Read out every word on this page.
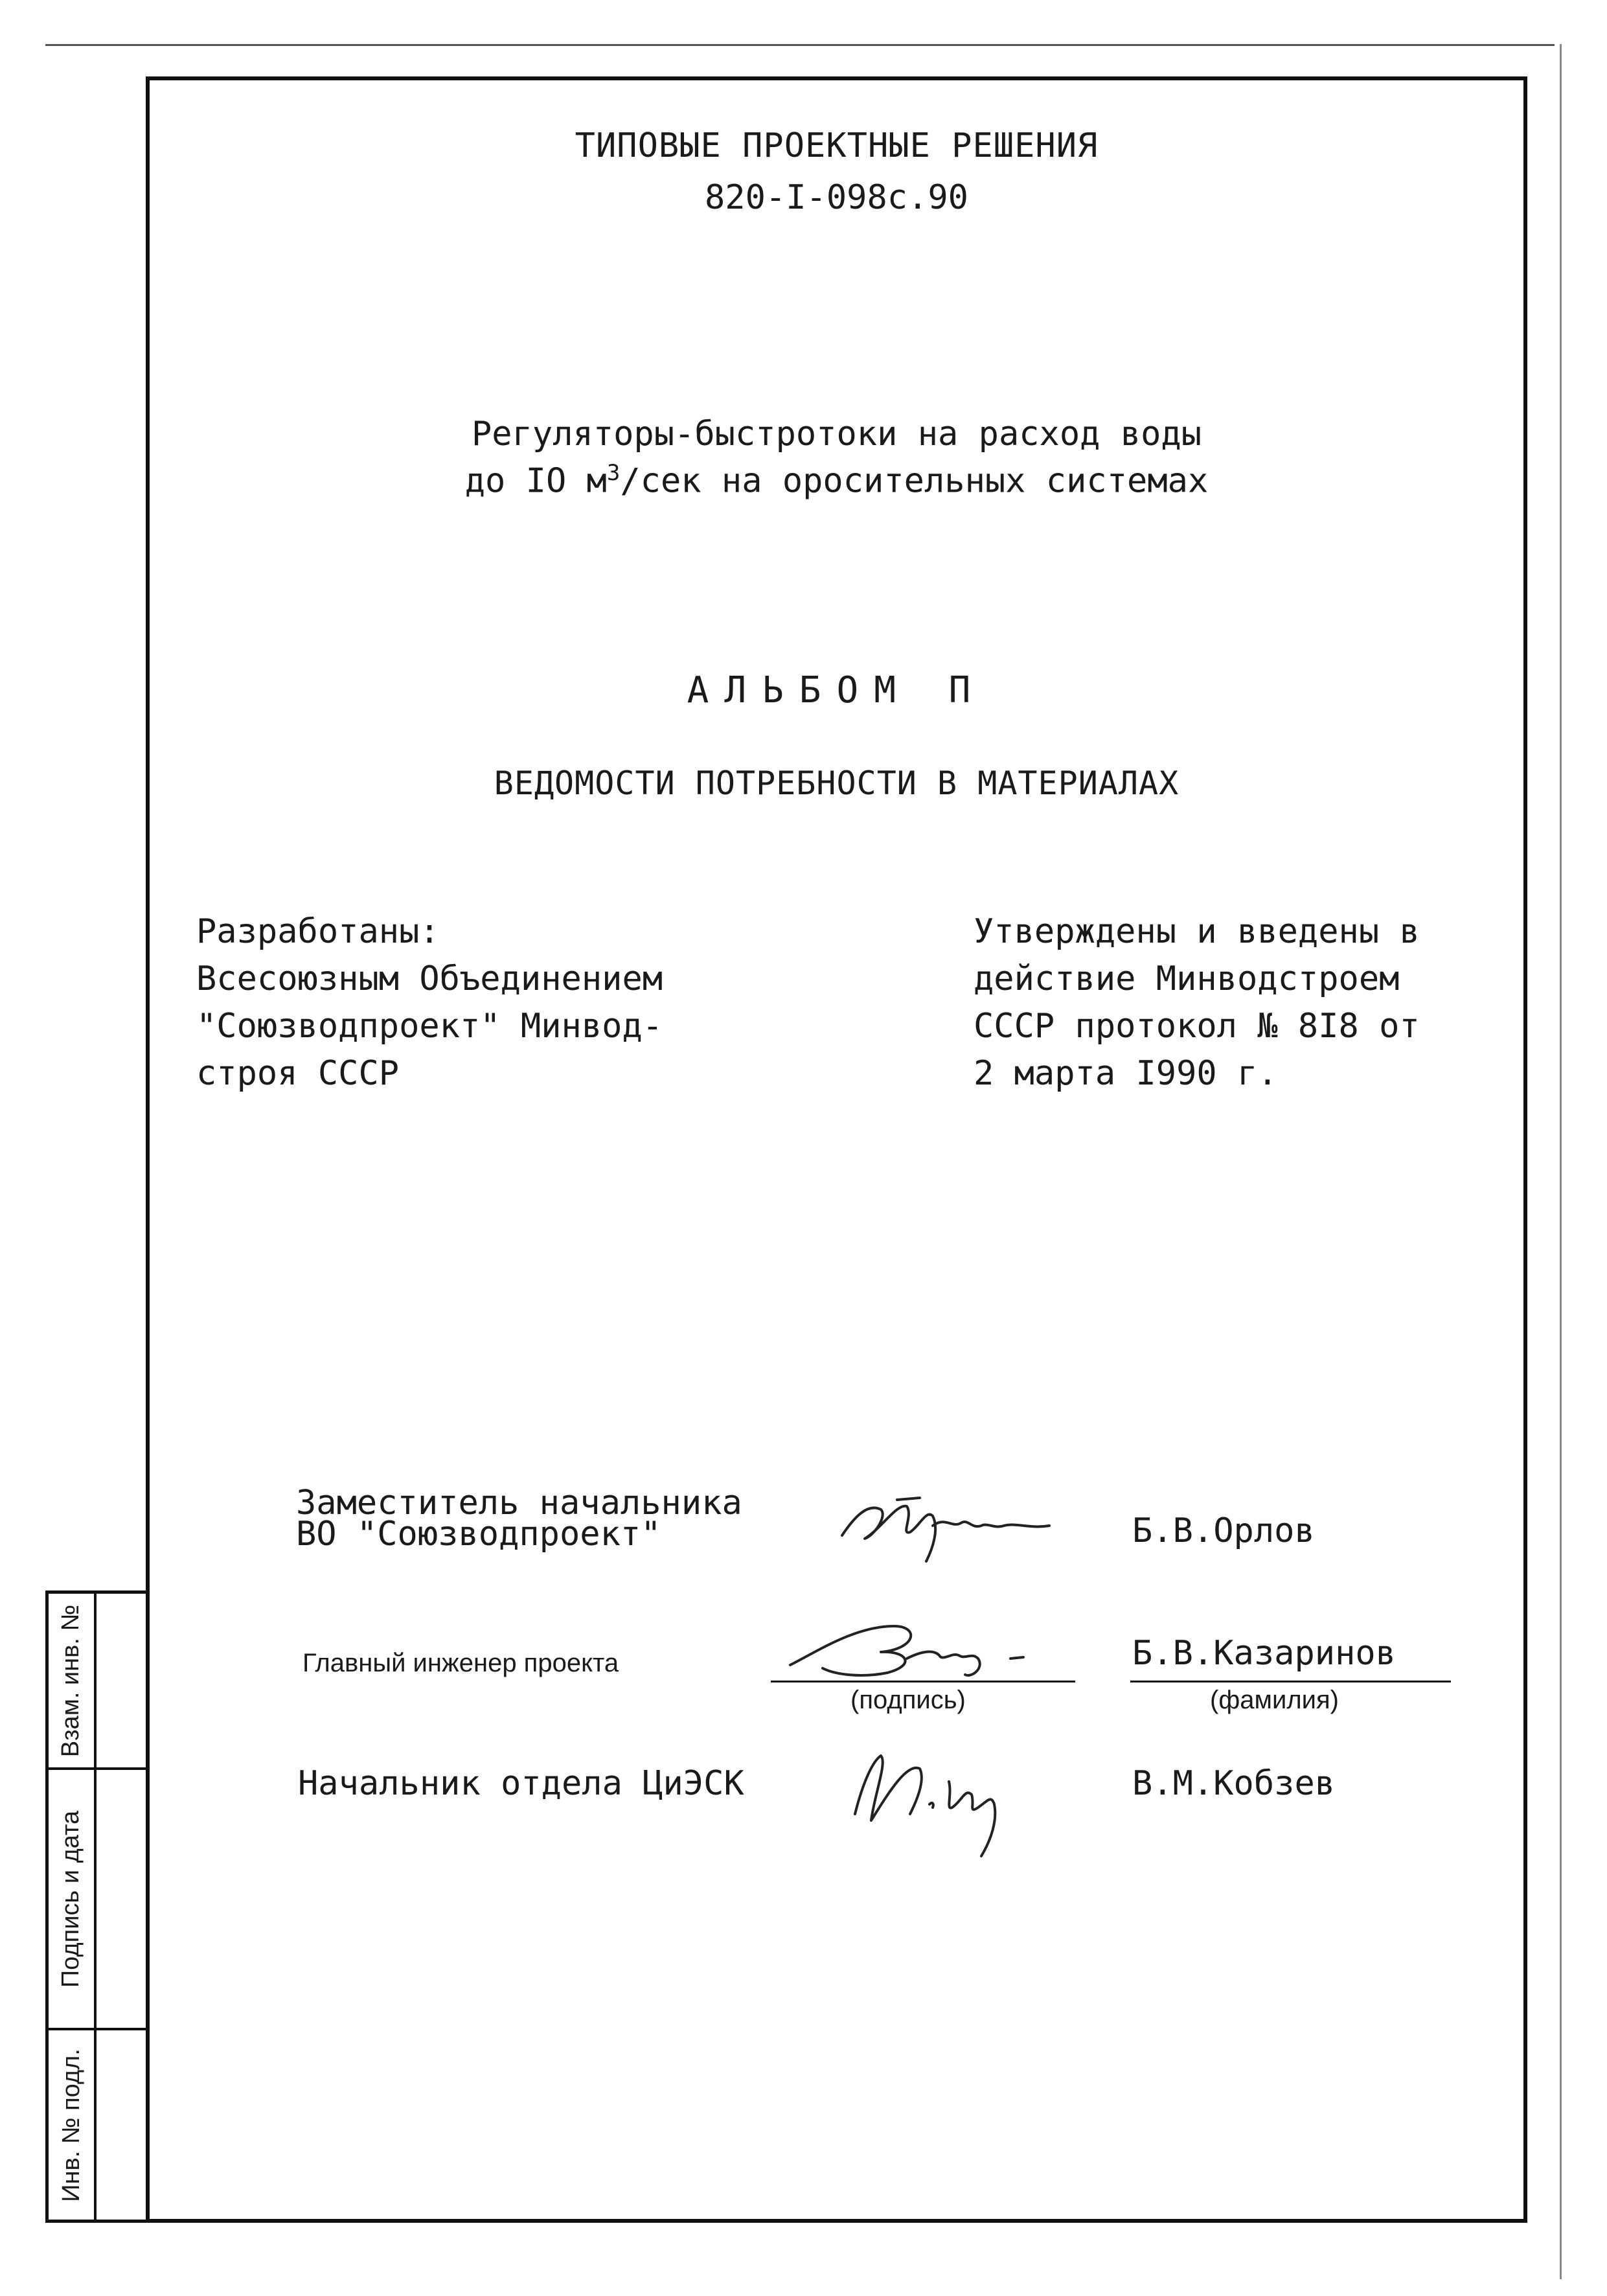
Взам. инв. №
Подпись и дата
Инв. № подл.
ТИПОВЫЕ ПРОЕКТНЫЕ РЕШЕНИЯ
820-I-098с.90
Регуляторы-быстротоки на расход воды
до IO $м^3$/сек на оросительных системах
АЛЬБОМ П
ВЕДОМОСТИ ПОТРЕБНОСТИ В МАТЕРИАЛАХ
Разработаны:
Всесоюзным Объединением
"Союзводпроект" Минвод-
строя СССР
Утверждены и введены в
действие Минводстроем
СССР протокол № 8I8 от
2 марта I990 г.
Заместитель начальника
ВО "Союзводпроект"	Б.В.Орлов
Главный инженер проекта
(подпись)
Б.В.Казаринов
(фамилия)
Начальник отдела ЦиЭСК	В.М.Кобзев
